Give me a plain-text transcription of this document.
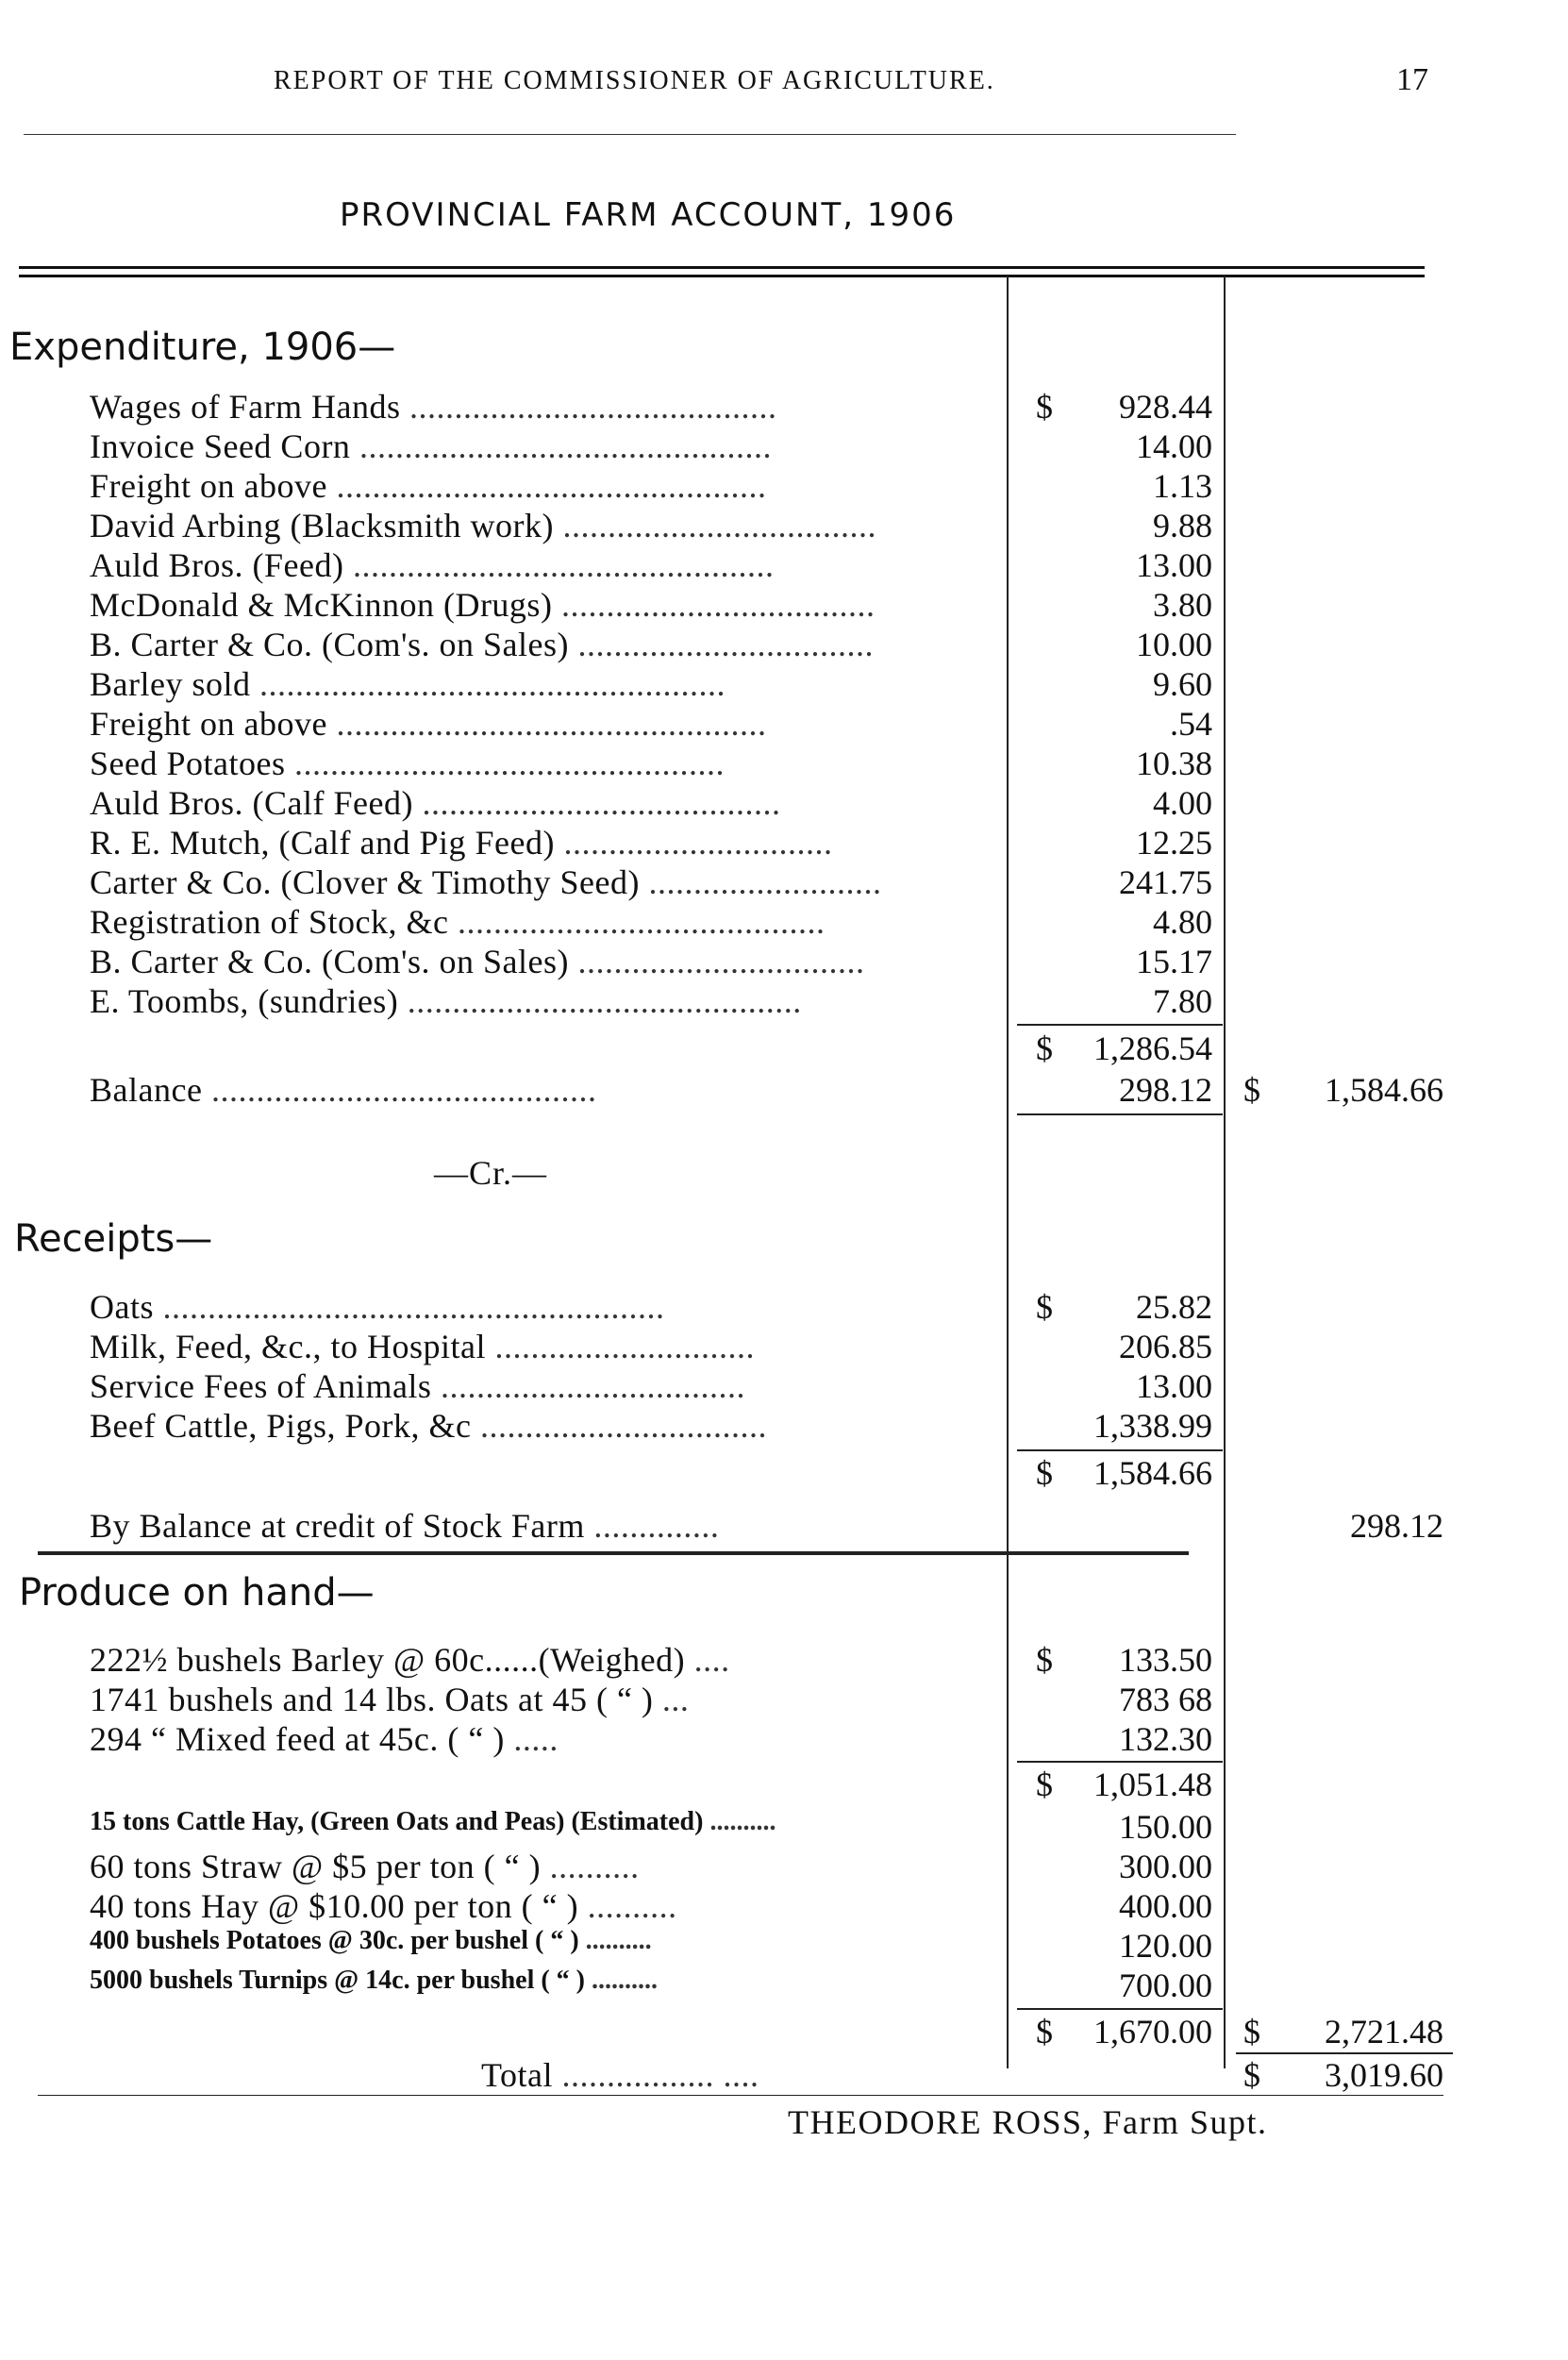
REPORT OF THE COMMISSIONER OF AGRICULTURE.	17
PROVINCIAL FARM ACCOUNT, 1906
Expenditure, 1906—
Wages of Farm Hands .........................................	$	928.44
Invoice Seed Corn ..............................................	14.00
Freight on above ................................................	1.13
David Arbing (Blacksmith work) ...................................	9.88
Auld Bros. (Feed) ...............................................	13.00
McDonald & McKinnon (Drugs) ...................................	3.80
B. Carter & Co. (Com's. on Sales) .................................	10.00
Barley sold ....................................................	9.60
Freight on above ................................................	.54
Seed Potatoes ................................................	10.38
Auld Bros. (Calf Feed) ........................................	4.00
R. E. Mutch, (Calf and Pig Feed) ..............................	12.25
Carter & Co. (Clover & Timothy Seed) ..........................	241.75
Registration of Stock, &c .........................................	4.80
B. Carter & Co. (Com's. on Sales) ................................	15.17
E. Toombs, (sundries) ............................................	7.80
$	1,286.54
Balance ...........................................	298.12 $	1,584.66
—Cr.—
Receipts—
Oats ........................................................	$	25.82
Milk, Feed, &c., to Hospital .............................	206.85
Service Fees of Animals ..................................	13.00
Beef Cattle, Pigs, Pork, &c ................................	1,338.99
$	1,584.66
By Balance at credit of Stock Farm ..............	298.12
Produce on hand—
222½ bushels Barley @ 60c......(Weighed) ....	$	133.50
1741 bushels and 14 lbs. Oats at 45 ( “ ) ...	783 68
294 “ Mixed feed at 45c. ( “ ) .....	132.30
$	1,051.48
15 tons Cattle Hay, (Green Oats and Peas) (Estimated) ..........	150.00
60 tons Straw @ $5 per ton ( “ ) ..........	300.00
40 tons Hay @ $10.00 per ton ( “ ) ..........	400.00
400 bushels Potatoes @ 30c. per bushel ( “ ) ..........	120.00
5000 bushels Turnips @ 14c. per bushel ( “ ) ..........	700.00
$	1,670.00 $	2,721.48
Total ................. ....	$	3,019.60
THEODORE ROSS, Farm Supt.
